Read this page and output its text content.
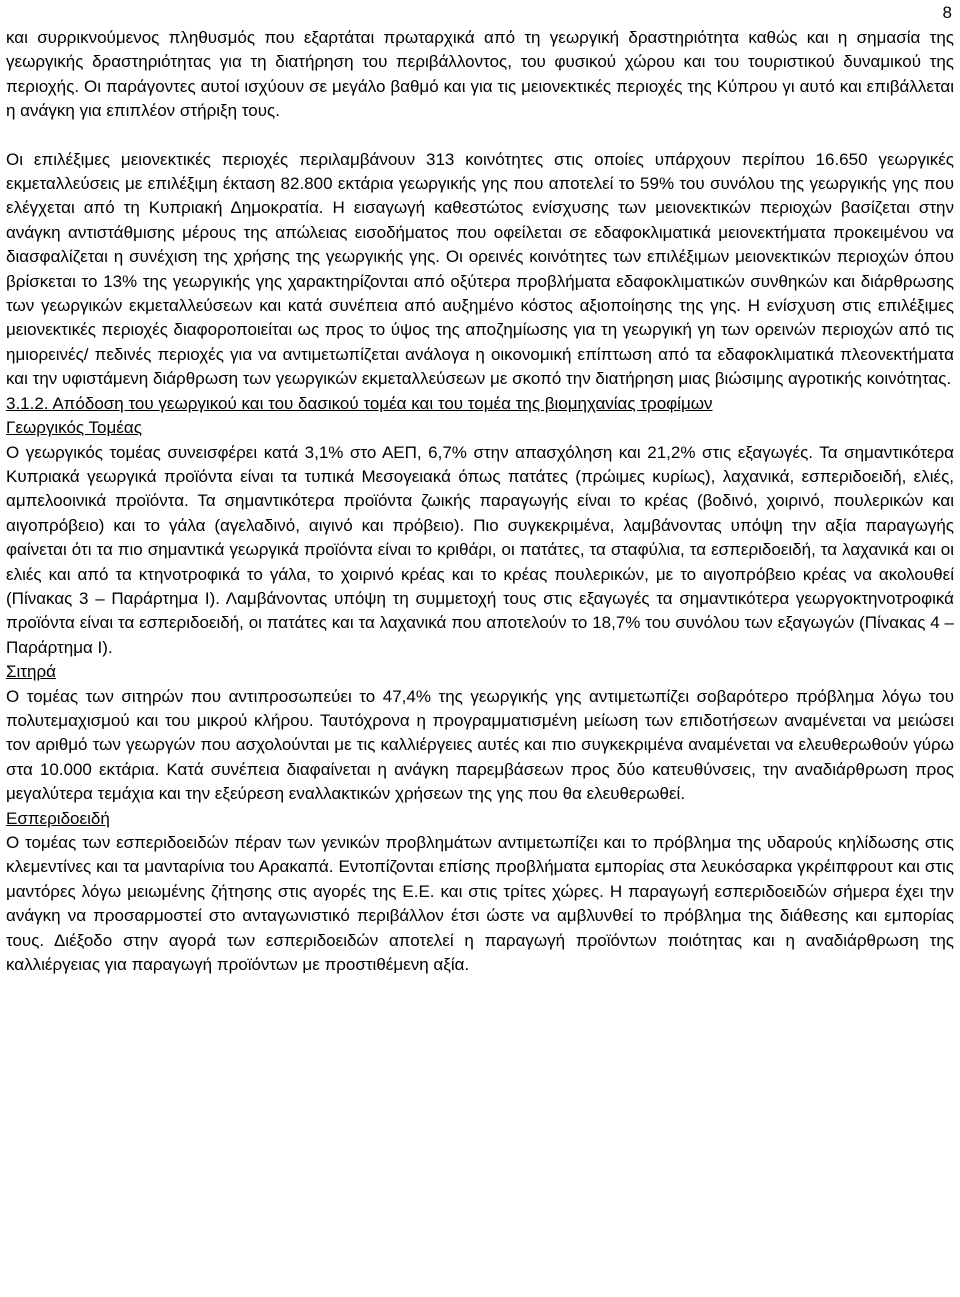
8

και συρρικνούμενος πληθυσμός που εξαρτάται πρωταρχικά από τη γεωργική δραστηριότητα καθώς και η σημασία της γεωργικής δραστηριότητας για τη διατήρηση του περιβάλλοντος, του φυσικού χώρου και του τουριστικού δυναμικού της περιοχής. Οι παράγοντες αυτοί ισχύουν σε μεγάλο βαθμό και για τις μειονεκτικές περιοχές της Κύπρου γι αυτό και επιβάλλεται η ανάγκη για επιπλέον στήριξη τους.

Οι επιλέξιμες μειονεκτικές περιοχές περιλαμβάνουν 313 κοινότητες στις οποίες υπάρχουν περίπου 16.650 γεωργικές εκμεταλλεύσεις με επιλέξιμη έκταση 82.800 εκτάρια γεωργικής γης που αποτελεί το 59% του συνόλου της γεωργικής γης που ελέγχεται από τη Κυπριακή Δημοκρατία. Η εισαγωγή καθεστώτος ενίσχυσης των μειονεκτικών περιοχών βασίζεται στην ανάγκη αντιστάθμισης μέρους της απώλειας εισοδήματος που οφείλεται σε εδαφοκλιματικά μειονεκτήματα προκειμένου να διασφαλίζεται η συνέχιση της χρήσης της γεωργικής γης. Οι ορεινές κοινότητες των επιλέξιμων μειονεκτικών περιοχών όπου βρίσκεται το 13% της γεωργικής γης χαρακτηρίζονται από οξύτερα προβλήματα εδαφοκλιματικών συνθηκών και διάρθρωσης των γεωργικών εκμεταλλεύσεων και κατά συνέπεια από αυξημένο κόστος αξιοποίησης της γης. Η ενίσχυση στις επιλέξιμες μειονεκτικές περιοχές διαφοροποιείται ως προς το ύψος της αποζημίωσης για τη γεωργική γη των ορεινών περιοχών από τις ημιορεινές/ πεδινές περιοχές για να αντιμετωπίζεται ανάλογα η οικονομική επίπτωση από τα εδαφοκλιματικά πλεονεκτήματα και την υφιστάμενη διάρθρωση των γεωργικών εκμεταλλεύσεων με σκοπό την διατήρηση μιας βιώσιμης αγροτικής κοινότητας.

3.1.2. Απόδοση του γεωργικού και του δασικού τομέα και του τομέα της βιομηχανίας τροφίμων
Γεωργικός Τομέας

Ο γεωργικός τομέας συνεισφέρει κατά 3,1% στο ΑΕΠ, 6,7% στην απασχόληση και 21,2% στις εξαγωγές. Τα σημαντικότερα Κυπριακά γεωργικά προϊόντα είναι τα τυπικά Μεσογειακά όπως πατάτες (πρώιμες κυρίως), λαχανικά, εσπεριδοειδή, ελιές, αμπελοοινικά προϊόντα. Τα σημαντικότερα προϊόντα ζωικής παραγωγής είναι το κρέας (βοδινό, χοιρινό, πουλερικών και αιγοπρόβειο) και το γάλα (αγελαδινό, αιγινό και πρόβειο). Πιο συγκεκριμένα, λαμβάνοντας υπόψη την αξία παραγωγής φαίνεται ότι τα πιο σημαντικά γεωργικά προϊόντα είναι το κριθάρι, οι πατάτες, τα σταφύλια, τα εσπεριδοειδή, τα λαχανικά και οι ελιές και από τα κτηνοτροφικά το γάλα, το χοιρινό κρέας και το κρέας πουλερικών, με το αιγοπρόβειο κρέας να ακολουθεί (Πίνακας 3 – Παράρτημα Ι). Λαμβάνοντας υπόψη τη συμμετοχή τους στις εξαγωγές τα σημαντικότερα γεωργοκτηνοτροφικά προϊόντα είναι τα εσπεριδοειδή, οι πατάτες και τα λαχανικά που αποτελούν το 18,7% του συνόλου των εξαγωγών (Πίνακας 4 – Παράρτημα Ι).

Σιτηρά

Ο τομέας των σιτηρών που αντιπροσωπεύει το 47,4% της γεωργικής γης αντιμετωπίζει σοβαρότερο πρόβλημα λόγω του πολυτεμαχισμού και του μικρού κλήρου. Ταυτόχρονα η προγραμματισμένη μείωση των επιδοτήσεων αναμένεται να μειώσει τον αριθμό των γεωργών που ασχολούνται με τις καλλιέργειες αυτές και πιο συγκεκριμένα αναμένεται να ελευθερωθούν γύρω στα 10.000 εκτάρια. Κατά συνέπεια διαφαίνεται η ανάγκη παρεμβάσεων προς δύο κατευθύνσεις, την αναδιάρθρωση προς μεγαλύτερα τεμάχια και την εξεύρεση εναλλακτικών χρήσεων της γης που θα ελευθερωθεί.

Εσπεριδοειδή

Ο τομέας των εσπεριδοειδών πέραν των γενικών προβλημάτων αντιμετωπίζει και το πρόβλημα της υδαρούς κηλίδωσης στις κλεμεντίνες και τα μανταρίνια του Αρακαπά. Εντοπίζονται επίσης προβλήματα εμπορίας στα λευκόσαρκα γκρέιπφρουτ και στις μαντόρες λόγω μειωμένης ζήτησης στις αγορές της Ε.Ε. και στις τρίτες χώρες. Η παραγωγή εσπεριδοειδών σήμερα έχει την ανάγκη να προσαρμοστεί στο ανταγωνιστικό περιβάλλον έτσι ώστε να αμβλυνθεί το πρόβλημα της διάθεσης και εμπορίας τους. Διέξοδο στην αγορά των εσπεριδοειδών αποτελεί η παραγωγή προϊόντων ποιότητας και η αναδιάρθρωση της καλλιέργειας για παραγωγή προϊόντων με προστιθέμενη αξία.
